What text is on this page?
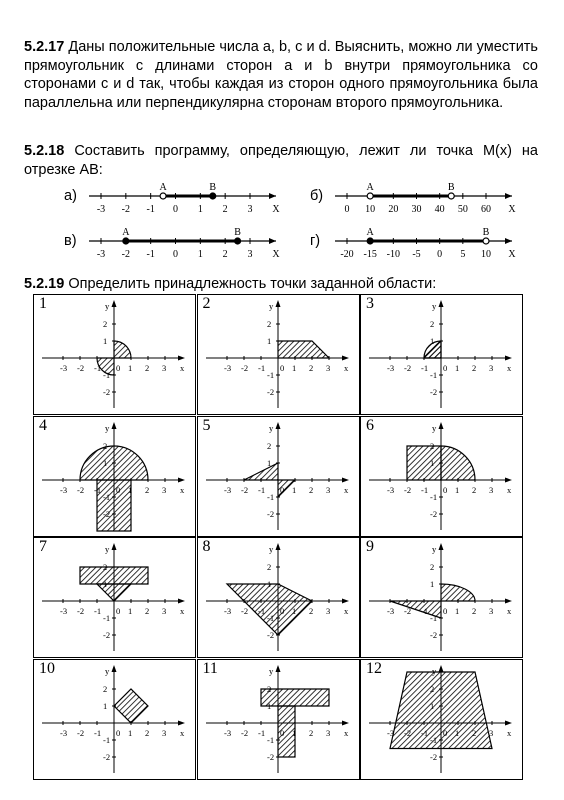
5.2.17 Даны положительные числа a, b, c и d. Выяснить, можно ли уместить прямоугольник с длинами сторон a и b внутри прямоугольника со сторонами c и d так, чтобы каждая из сторон одного прямоугольника была параллельна или перпендикулярна сторонам второго прямоугольника.
5.2.18 Составить программу, определяющую, лежит ли точка M(x) на отрезке AB:
5.2.19 Определить принадлежность точки заданной области:
а)
-3 -2 -1 0 1 2 3 X
A	B
б)
0 10 20 30 40 50 60 X
A	B
в)
-3 -2 -1 0 1 2 3 X
A	B
г)
-20 -15 -10 -5 0 5 10 X
A	B
1
x
y
-3 -2 -1 0 1 2 3
2
1
-1
-2
2
x
y
-3 -2 -1 0 1 2 3
2
1
-1
-2
3
x
y
-3 -2 -1 0 1 2 3
2
1
-1
-2
4
x
y
-3 -2 -1 0 1 2 3
2
1
-1
-2
5
x
y
-3 -2 -1 0 1 2 3
2
1
-1
-2
6
x
y
-3 -2 -1 0 1 2 3
2
1
-1
-2
7
x
y
-3 -2 -1 0 1 2 3
2
1
-1
-2
8
x
y
-3 -2 -1 0 1 2 3
2
1
-1
-2
9
x
y
-3 -2 -1 0 1 2 3
2
1
-1
-2
10
x
y
-3 -2 -1 0 1 2 3
2
1
-1
-2
11
x
y
-3 -2 -1 0 1 2 3
2
1
-1
-2
12
x
y
-3 -2 -1 0 1 2 3
2
1
-1
-2
